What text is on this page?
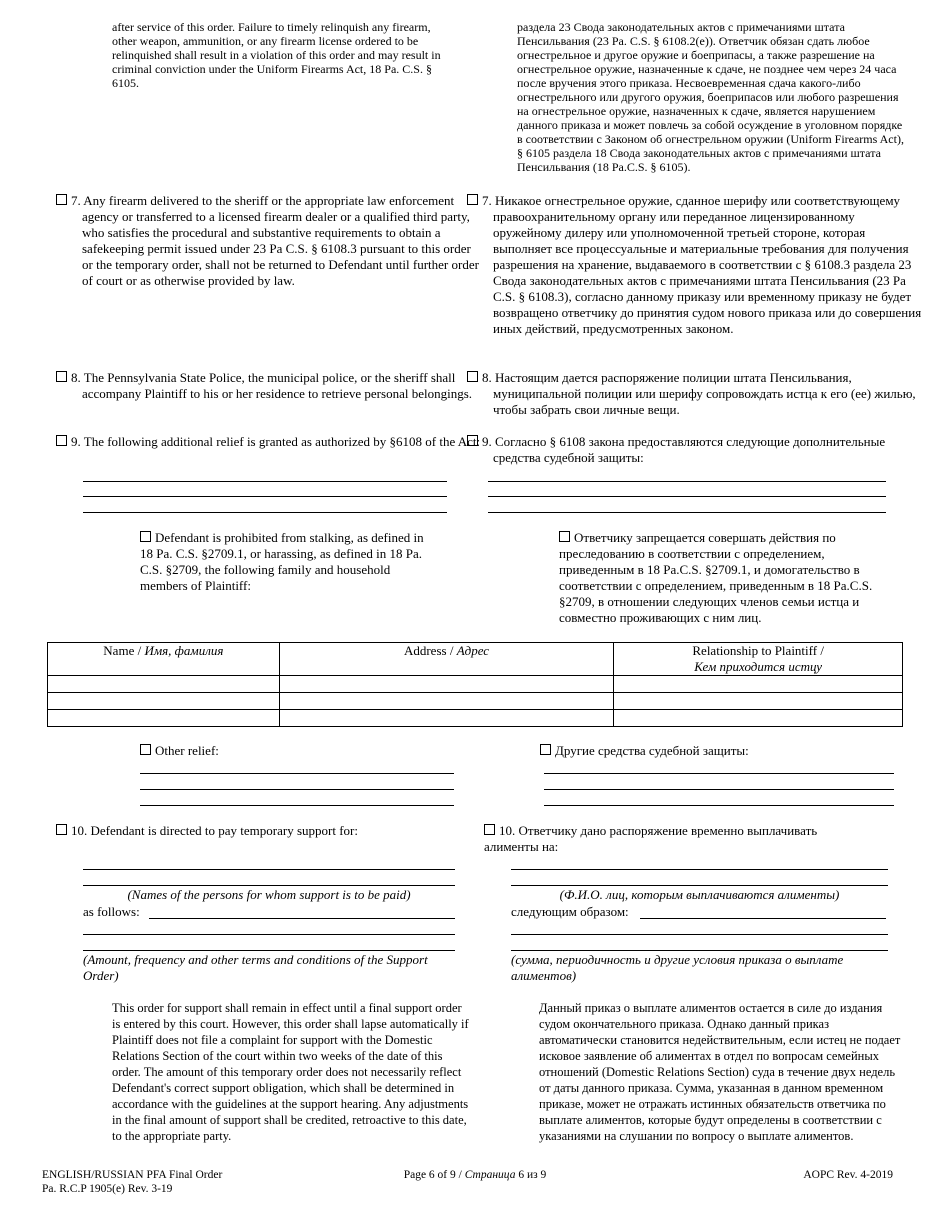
after service of this order. Failure to timely relinquish any firearm, other weapon, ammunition, or any firearm license ordered to be relinquished shall result in a violation of this order and may result in criminal conviction under the Uniform Firearms Act, 18 Pa. C.S. § 6105.
раздела 23 Свода законодательных актов с примечаниями штата Пенсильвания (23 Pa. C.S. § 6108.2(e)). Ответчик обязан сдать любое огнестрельное и другое оружие и боеприпасы, а также разрешение на огнестрельное оружие, назначенные к сдаче, не позднее чем через 24 часа после вручения этого приказа. Несвоевременная сдача какого-либо огнестрельного или другого оружия, боеприпасов или любого разрешения на огнестрельное оружие, назначенных к сдаче, является нарушением данного приказа и может повлечь за собой осуждение в уголовном порядке в соответствии с Законом об огнестрельном оружии (Uniform Firearms Act), § 6105 раздела 18 Свода законодательных актов с примечаниями штата Пенсильвания (18 Pa.C.S. § 6105).
7. Any firearm delivered to the sheriff or the appropriate law enforcement agency or transferred to a licensed firearm dealer or a qualified third party, who satisfies the procedural and substantive requirements to obtain a safekeeping permit issued under 23 Pa C.S. § 6108.3 pursuant to this order or the temporary order, shall not be returned to Defendant until further order of court or as otherwise provided by law.
7. Никакое огнестрельное оружие, сданное шерифу или соответствующему правоохранительному органу или переданное лицензированному оружейному дилеру или уполномоченной третьей стороне, которая выполняет все процессуальные и материальные требования для получения разрешения на хранение, выдаваемого в соответствии с § 6108.3 раздела 23 Свода законодательных актов с примечаниями штата Пенсильвания (23 Pa C.S. § 6108.3), согласно данному приказу или временному приказу не будет возвращено ответчику до принятия судом нового приказа или до совершения иных действий, предусмотренных законом.
8. The Pennsylvania State Police, the municipal police, or the sheriff shall accompany Plaintiff to his or her residence to retrieve personal belongings.
8. Настоящим дается распоряжение полиции штата Пенсильвания, муниципальной полиции или шерифу сопровождать истца к его (ее) жилью, чтобы забрать свои личные вещи.
9. The following additional relief is granted as authorized by §6108 of the Act: 9. Согласно § 6108 закона предоставляются следующие дополнительные средства судебной защиты:
Defendant is prohibited from stalking, as defined in 18 Pa. C.S. §2709.1, or harassing, as defined in 18 Pa. C.S. §2709, the following family and household members of Plaintiff:
Ответчику запрещается совершать действия по преследованию в соответствии с определением, приведенным в 18 Pa.C.S. §2709.1, и домогательство в соответствии с определением, приведенным в 18 Pa.C.S. §2709, в отношении следующих членов семьи истца и совместно проживающих с ним лиц.
Name / Имя, фамилия	Address / Адрес	Relationship to Plaintiff /
Кем приходится истцу

Other relief:	Другие средства судебной защиты:
10. Defendant is directed to pay temporary support for:	10. Ответчику дано распоряжение временно выплачивать алименты на:
(Names of the persons for whom support is to be paid)	(Ф.И.О. лиц, которым выплачиваются алименты)
as follows:	следующим образом:
(Amount, frequency and other terms and conditions of the Support Order)
(сумма, периодичность и другие условия приказа о выплате алиментов)
This order for support shall remain in effect until a final support order is entered by this court. However, this order shall lapse automatically if Plaintiff does not file a complaint for support with the Domestic Relations Section of the court within two weeks of the date of this order. The amount of this temporary order does not necessarily reflect Defendant's correct support obligation, which shall be determined in accordance with the guidelines at the support hearing. Any adjustments in the final amount of support shall be credited, retroactive to this date, to the appropriate party.
Данный приказ о выплате алиментов остается в силе до издания судом окончательного приказа. Однако данный приказ автоматически становится недействительным, если истец не подает исковое заявление об алиментах в отдел по вопросам семейных отношений (Domestic Relations Section) суда в течение двух недель от даты данного приказа. Сумма, указанная в данном временном приказе, может не отражать истинных обязательств ответчика по выплате алиментов, которые будут определены в соответствии с указаниями на слушании по вопросу о выплате алиментов.
ENGLISH/RUSSIAN PFA Final Order
Pa. R.C.P 1905(e) Rev. 3-19
Page 6 of 9 / Страница 6 из 9	AOPC Rev. 4-2019
